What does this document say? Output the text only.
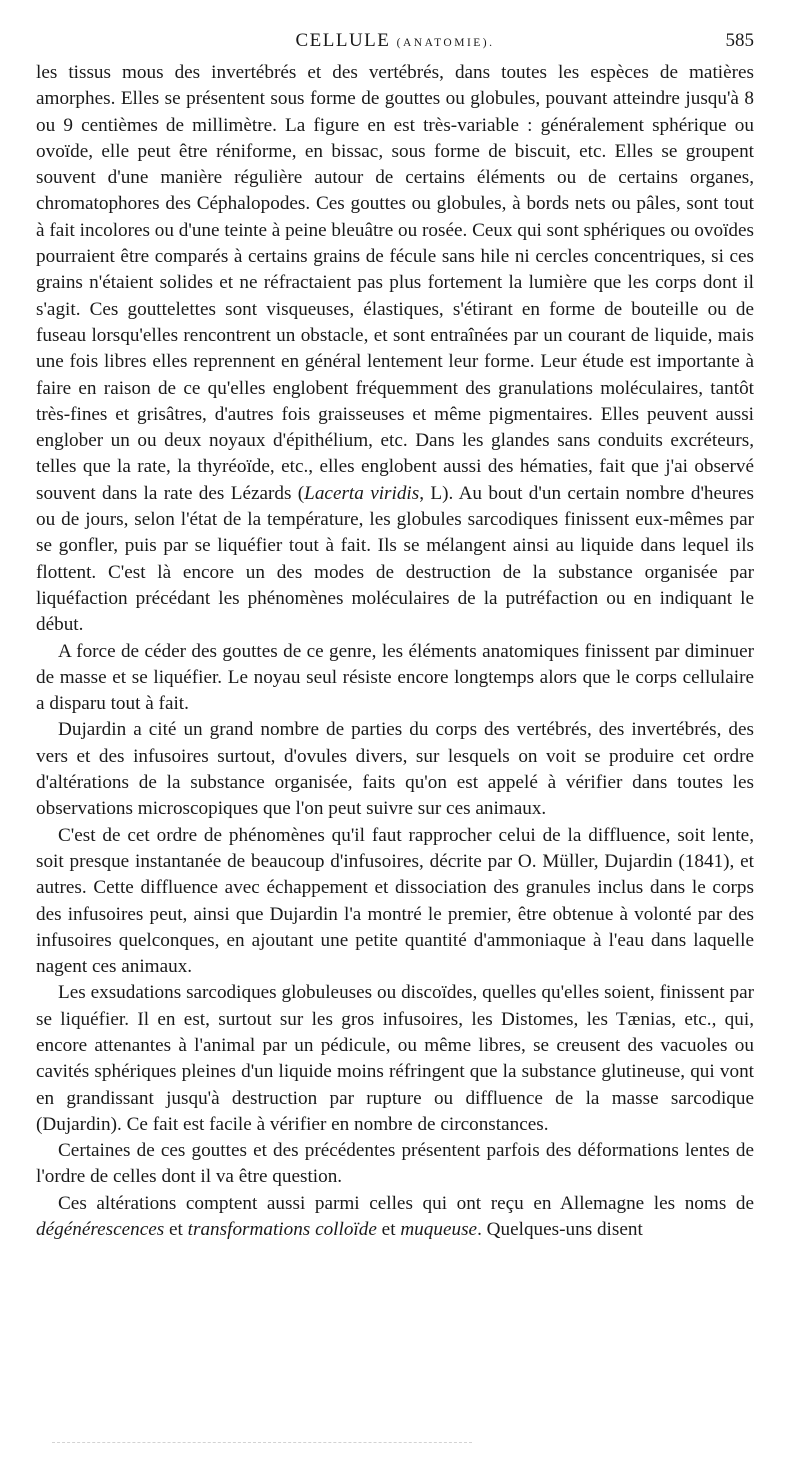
CELLULE (ANATOMIE).	585

les tissus mous des invertébrés et des vertébrés, dans toutes les espèces de matières amorphes. Elles se présentent sous forme de gouttes ou globules, pouvant atteindre jusqu'à 8 ou 9 centièmes de millimètre. La figure en est très-variable : généralement sphérique ou ovoïde, elle peut être réniforme, en bissac, sous forme de biscuit, etc. Elles se groupent souvent d'une manière régulière autour de certains éléments ou de certains organes, chromatophores des Céphalopodes. Ces gouttes ou globules, à bords nets ou pâles, sont tout à fait incolores ou d'une teinte à peine bleuâtre ou rosée. Ceux qui sont sphériques ou ovoïdes pourraient être comparés à certains grains de fécule sans hile ni cercles concentriques, si ces grains n'étaient solides et ne réfractaient pas plus fortement la lumière que les corps dont il s'agit. Ces gouttelettes sont visqueuses, élastiques, s'étirant en forme de bouteille ou de fuseau lorsqu'elles rencontrent un obstacle, et sont entraînées par un courant de liquide, mais une fois libres elles reprennent en général lentement leur forme. Leur étude est importante à faire en raison de ce qu'elles englobent fréquemment des granulations moléculaires, tantôt très-fines et grisâtres, d'autres fois graisseuses et même pigmentaires. Elles peuvent aussi englober un ou deux noyaux d'épithélium, etc. Dans les glandes sans conduits excréteurs, telles que la rate, la thyréoïde, etc., elles englobent aussi des hématies, fait que j'ai observé souvent dans la rate des Lézards (Lacerta viridis, L). Au bout d'un certain nombre d'heures ou de jours, selon l'état de la température, les globules sarcodiques finissent eux-mêmes par se gonfler, puis par se liquéfier tout à fait. Ils se mélangent ainsi au liquide dans lequel ils flottent. C'est là encore un des modes de destruction de la substance organisée par liquéfaction précédant les phénomènes moléculaires de la putréfaction ou en indiquant le début.

A force de céder des gouttes de ce genre, les éléments anatomiques finissent par diminuer de masse et se liquéfier. Le noyau seul résiste encore longtemps alors que le corps cellulaire a disparu tout à fait.

Dujardin a cité un grand nombre de parties du corps des vertébrés, des invertébrés, des vers et des infusoires surtout, d'ovules divers, sur lesquels on voit se produire cet ordre d'altérations de la substance organisée, faits qu'on est appelé à vérifier dans toutes les observations microscopiques que l'on peut suivre sur ces animaux.

C'est de cet ordre de phénomènes qu'il faut rapprocher celui de la diffluence, soit lente, soit presque instantanée de beaucoup d'infusoires, décrite par O. Müller, Dujardin (1841), et autres. Cette diffluence avec échappement et dissociation des granules inclus dans le corps des infusoires peut, ainsi que Dujardin l'a montré le premier, être obtenue à volonté par des infusoires quelconques, en ajoutant une petite quantité d'ammoniaque à l'eau dans laquelle nagent ces animaux.

Les exsudations sarcodiques globuleuses ou discoïdes, quelles qu'elles soient, finissent par se liquéfier. Il en est, surtout sur les gros infusoires, les Distomes, les Tænias, etc., qui, encore attenantes à l'animal par un pédicule, ou même libres, se creusent des vacuoles ou cavités sphériques pleines d'un liquide moins réfringent que la substance glutineuse, qui vont en grandissant jusqu'à destruction par rupture ou diffluence de la masse sarcodique (Dujardin). Ce fait est facile à vérifier en nombre de circonstances.

Certaines de ces gouttes et des précédentes présentent parfois des déformations lentes de l'ordre de celles dont il va être question.

Ces altérations comptent aussi parmi celles qui ont reçu en Allemagne les noms de dégénérescences et transformations colloïde et muqueuse. Quelques-uns disent
